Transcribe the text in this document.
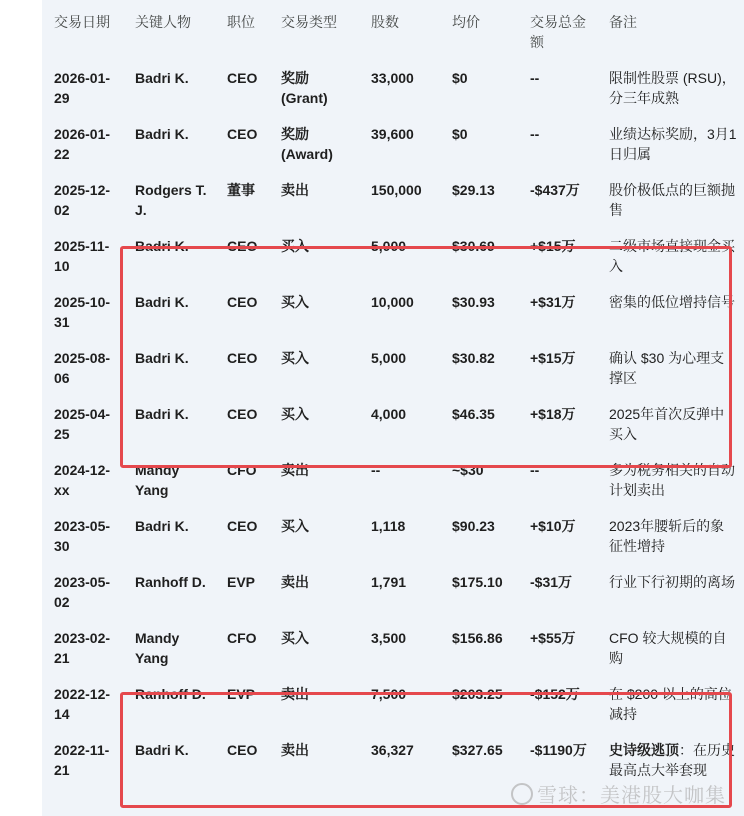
交易日期	关键人物	职位	交易类型	股数	均价	交易总金额	备注
2026-01-29	Badri K.	CEO	奖励 (Grant)	33,000	$0	--	限制性股票 (RSU)，分三年成熟
2026-01-22	Badri K.	CEO	奖励 (Award)	39,600	$0	--	业绩达标奖励，3月1日归属
2025-12-02	Rodgers T. J.	董事	卖出	150,000	$29.13	-$437万	股价极低点的巨额抛售
2025-11-10	Badri K.	CEO	买入	5,000	$30.69	+$15万	二级市场直接现金买入
2025-10-31	Badri K.	CEO	买入	10,000	$30.93	+$31万	密集的低位增持信号
2025-08-06	Badri K.	CEO	买入	5,000	$30.82	+$15万	确认 $30 为心理支撑区
2025-04-25	Badri K.	CEO	买入	4,000	$46.35	+$18万	2025年首次反弹中买入
2024-12-xx	Mandy Yang	CFO	卖出	--	~$30	--	多为税务相关的自动计划卖出
2023-05-30	Badri K.	CEO	买入	1,118	$90.23	+$10万	2023年腰斩后的象征性增持
2023-05-02	Ranhoff D.	EVP	卖出	1,791	$175.10	-$31万	行业下行初期的离场
2023-02-21	Mandy Yang	CFO	买入	3,500	$156.86	+$55万	CFO 较大规模的自购
2022-12-14	Ranhoff D.	EVP	卖出	7,500	$203.25	-$152万	在 $200 以上的高位减持
2022-11-21	Badri K.	CEO	卖出	36,327	$327.65	-$1190万	史诗级逃顶：在历史最高点大举套现
雪球：美港股大咖集
